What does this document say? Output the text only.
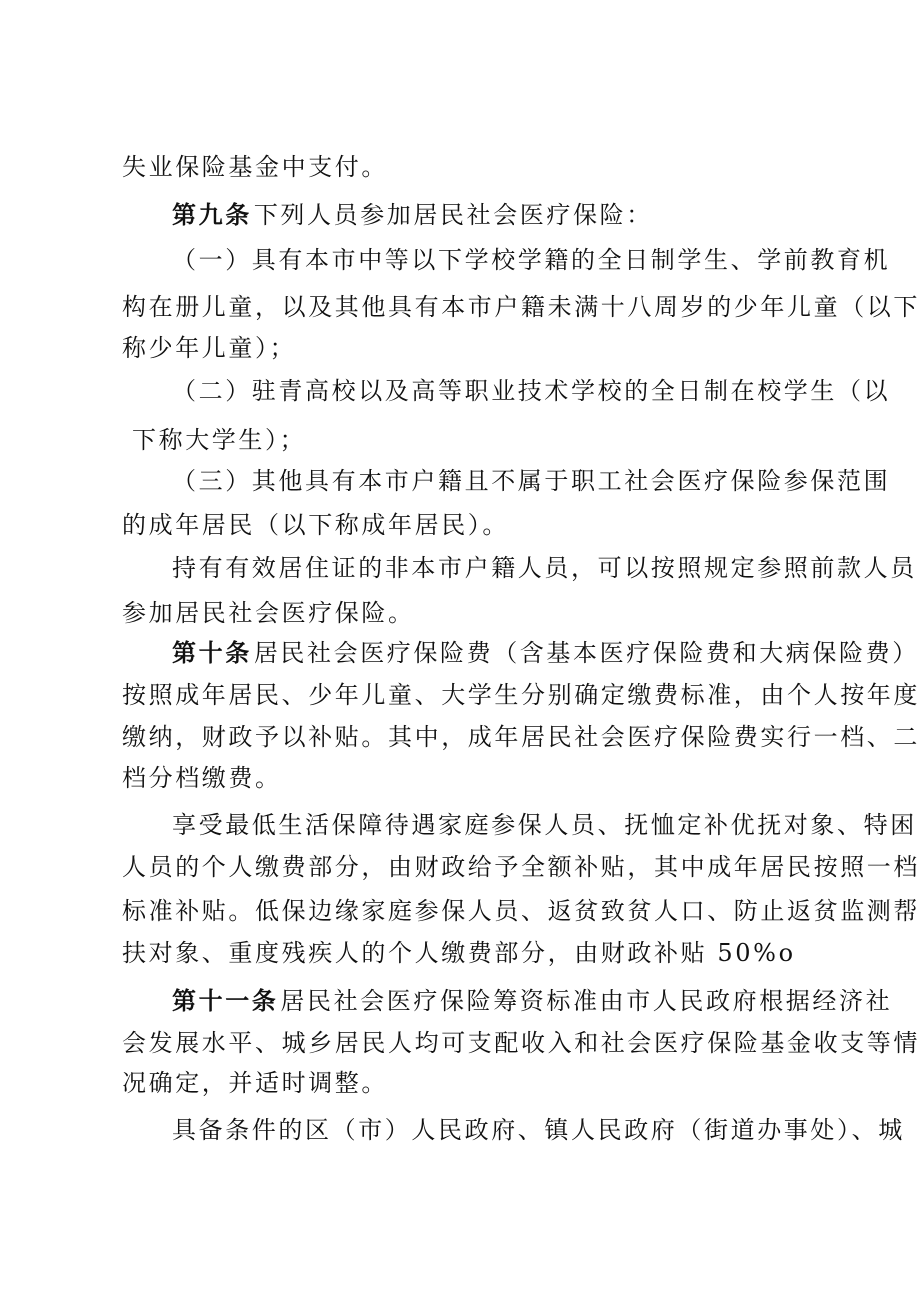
失业保险基金中支付。
第九条下列人员参加居民社会医疗保险：
（一）具有本市中等以下学校学籍的全日制学生、学前教育机
构在册儿童，以及其他具有本市户籍未满十八周岁的少年儿童（以下
称少年儿童）；
（二）驻青高校以及高等职业技术学校的全日制在校学生（以
下称大学生）；
（三）其他具有本市户籍且不属于职工社会医疗保险参保范围
的成年居民（以下称成年居民）。
持有有效居住证的非本市户籍人员，可以按照规定参照前款人员
参加居民社会医疗保险。
第十条居民社会医疗保险费（含基本医疗保险费和大病保险费）
按照成年居民、少年儿童、大学生分别确定缴费标准，由个人按年度
缴纳，财政予以补贴。其中，成年居民社会医疗保险费实行一档、二
档分档缴费。
享受最低生活保障待遇家庭参保人员、抚恤定补优抚对象、特困
人员的个人缴费部分，由财政给予全额补贴，其中成年居民按照一档
标准补贴。低保边缘家庭参保人员、返贫致贫人口、防止返贫监测帮
扶对象、重度残疾人的个人缴费部分，由财政补贴 50%o
第十一条居民社会医疗保险筹资标准由市人民政府根据经济社
会发展水平、城乡居民人均可支配收入和社会医疗保险基金收支等情
况确定，并适时调整。
具备条件的区（市）人民政府、镇人民政府（街道办事处）、城
